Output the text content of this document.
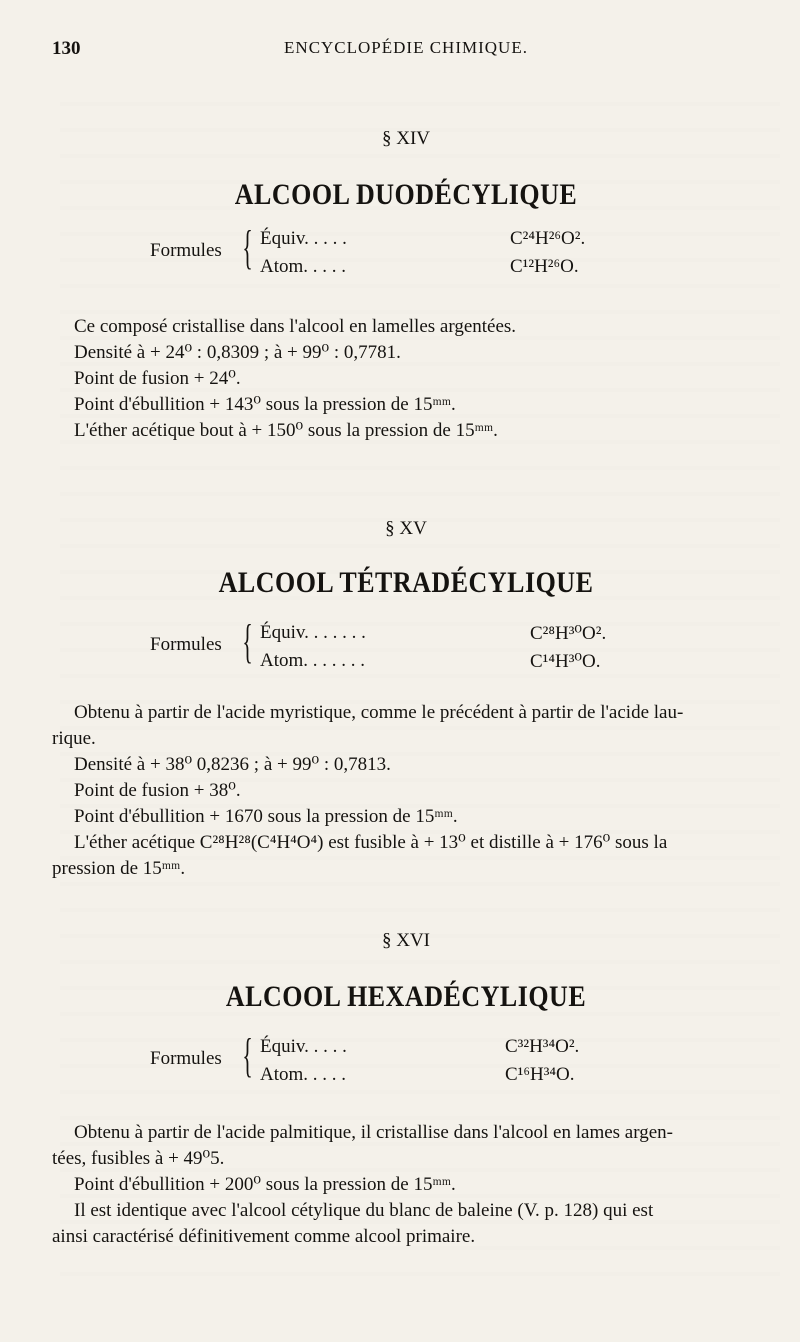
130	ENCYCLOPÉDIE CHIMIQUE.
§ XIV
ALCOOL DUODÉCYLIQUE
Formules { Équiv. . . . .	C²⁴H²⁶O².
Atom. . . . .	C¹²H²⁶O.
Ce composé cristallise dans l'alcool en lamelles argentées.
Densité à + 24⁰ : 0,8309 ; à + 99⁰ : 0,7781.
Point de fusion + 24⁰.
Point d'ébullition + 143⁰ sous la pression de 15ᵐᵐ.
L'éther acétique bout à + 150⁰ sous la pression de 15ᵐᵐ.
§ XV
ALCOOL TÉTRADÉCYLIQUE
Formules { Équiv. . . . . . .	C²⁸H³⁰O².
Atom. . . . . . .	C¹⁴H³⁰O.
Obtenu à partir de l'acide myristique, comme le précédent à partir de l'acide lau-
rique.
Densité à + 38⁰ 0,8236 ; à + 99⁰ : 0,7813.
Point de fusion + 38⁰.
Point d'ébullition + 1670 sous la pression de 15ᵐᵐ.
L'éther acétique C²⁸H²⁸(C⁴H⁴O⁴) est fusible à + 13⁰ et distille à + 176⁰ sous la
pression de 15ᵐᵐ.
§ XVI
ALCOOL HEXADÉCYLIQUE
Formules { Équiv. . . . .	C³²H³⁴O².
Atom. . . . .	C¹⁶H³⁴O.
Obtenu à partir de l'acide palmitique, il cristallise dans l'alcool en lames argen-
tées, fusibles à + 49⁰5.
Point d'ébullition + 200⁰ sous la pression de 15ᵐᵐ.
Il est identique avec l'alcool cétylique du blanc de baleine (V. p. 128) qui est
ainsi caractérisé définitivement comme alcool primaire.
